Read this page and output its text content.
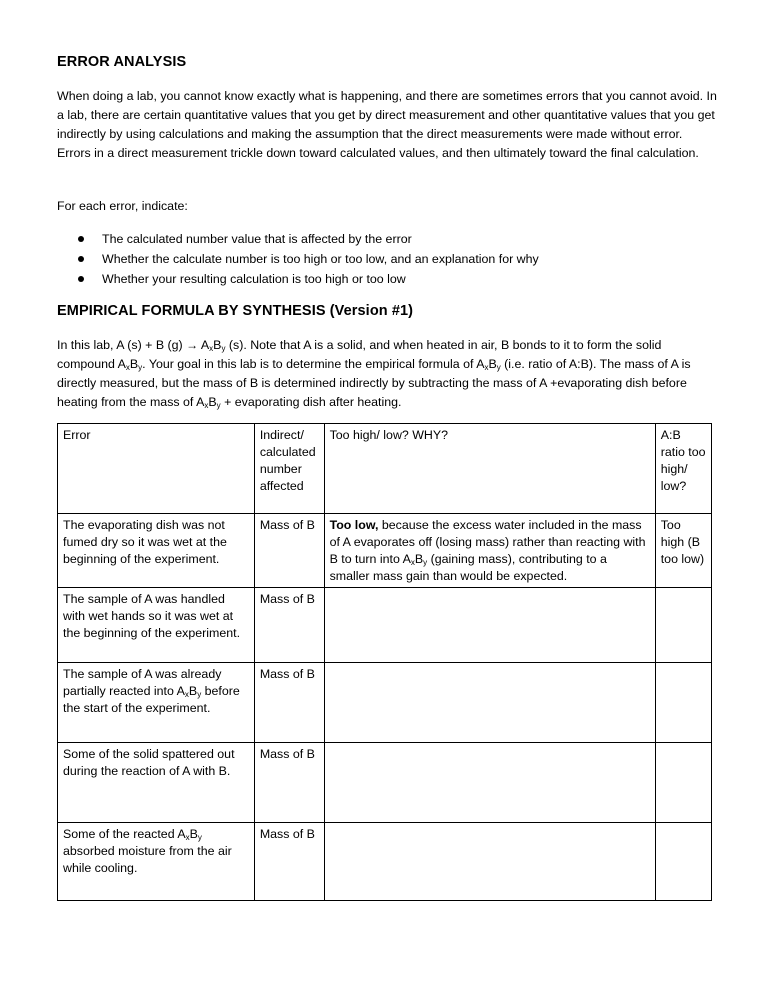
ERROR ANALYSIS

When doing a lab, you cannot know exactly what is happening, and there are sometimes errors that you cannot avoid. In a lab, there are certain quantitative values that you get by direct measurement and other quantitative values that you get indirectly by using calculations and making the assumption that the direct measurements were made without error. Errors in a direct measurement trickle down toward calculated values, and then ultimately toward the final calculation.

For each error, indicate:

The calculated number value that is affected by the error
Whether the calculate number is too high or too low, and an explanation for why
Whether your resulting calculation is too high or too low
EMPIRICAL FORMULA BY SYNTHESIS (Version #1)

In this lab, A (s) + B $(g) \to A_xB_y$ (s). Note that A is a solid, and when heated in air, B bonds to it to form the solid compound $A_xB_y$. Your goal in this lab is to determine the empirical formula of $A_xB_y$ (i.e. ratio of A:B). The mass of A is directly measured, but the mass of B is determined indirectly by subtracting the mass of A +evaporating dish before heating from the mass of $A_xB_y$ + evaporating dish after heating.

Error	Indirect/ calculated number affected	Too high/ low? WHY?	A:B ratio too high/ low?
The evaporating dish was not fumed dry so it was wet at the beginning of the experiment.	Mass of B	Too low, because the excess water included in the mass of A evaporates off (losing mass) rather than reacting with B to turn into $A_xB_y$ (gaining mass), contributing to a smaller mass gain than would be expected.	Too high (B too low)
The sample of A was handled with wet hands so it was wet at the beginning of the experiment.	Mass of B		
The sample of A was already partially reacted into $A_xB_y$ before the start of the experiment.	Mass of B		
Some of the solid spattered out during the reaction of A with B.	Mass of B		
Some of the reacted $A_xB_y$ absorbed moisture from the air while cooling.	Mass of B		
